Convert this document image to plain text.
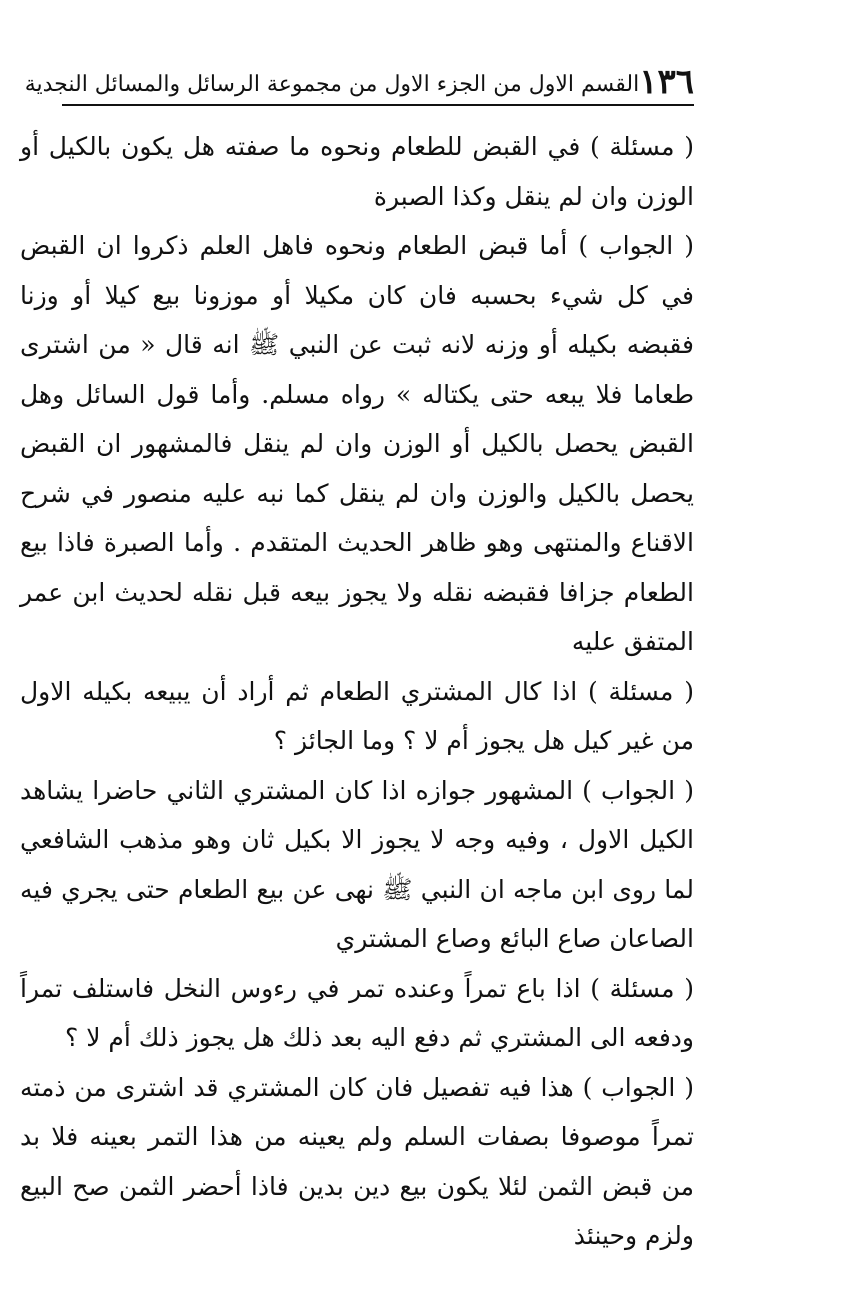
١٣٦
القسم الاول من الجزء الاول من مجموعة الرسائل والمسائل النجدية

( مسئلة ) في القبض للطعام ونحوه ما صفته هل يكون بالكيل أو الوزن وان لم ينقل وكذا الصبرة

( الجواب ) أما قبض الطعام ونحوه فاهل العلم ذكروا ان القبض في كل شيء بحسبه فان كان مكيلا أو موزونا بيع كيلا أو وزنا فقبضه بكيله أو وزنه لانه ثبت عن النبي ﷺ انه قال « من اشترى طعاما فلا يبعه حتى يكتاله » رواه مسلم. وأما قول السائل وهل القبض يحصل بالكيل أو الوزن وان لم ينقل فالمشهور ان القبض يحصل بالكيل والوزن وان لم ينقل كما نبه عليه منصور في شرح الاقناع والمنتهى وهو ظاهر الحديث المتقدم . وأما الصبرة فاذا بيع الطعام جزافا فقبضه نقله ولا يجوز بيعه قبل نقله لحديث ابن عمر المتفق عليه

( مسئلة ) اذا كال المشتري الطعام ثم أراد أن يبيعه بكيله الاول من غير كيل هل يجوز أم لا ؟ وما الجائز ؟

( الجواب ) المشهور جوازه اذا كان المشتري الثاني حاضرا يشاهد الكيل الاول ، وفيه وجه لا يجوز الا بكيل ثان وهو مذهب الشافعي لما روى ابن ماجه ان النبي ﷺ نهى عن بيع الطعام حتى يجري فيه الصاعان صاع البائع وصاع المشتري

( مسئلة ) اذا باع تمراً وعنده تمر في رءوس النخل فاستلف تمراً ودفعه الى المشتري ثم دفع اليه بعد ذلك هل يجوز ذلك أم لا ؟

( الجواب ) هذا فيه تفصيل فان كان المشتري قد اشترى من ذمته تمراً موصوفا بصفات السلم ولم يعينه من هذا التمر بعينه فلا بد من قبض الثمن لئلا يكون بيع دين بدين فاذا أحضر الثمن صح البيع ولزم وحينئذ
